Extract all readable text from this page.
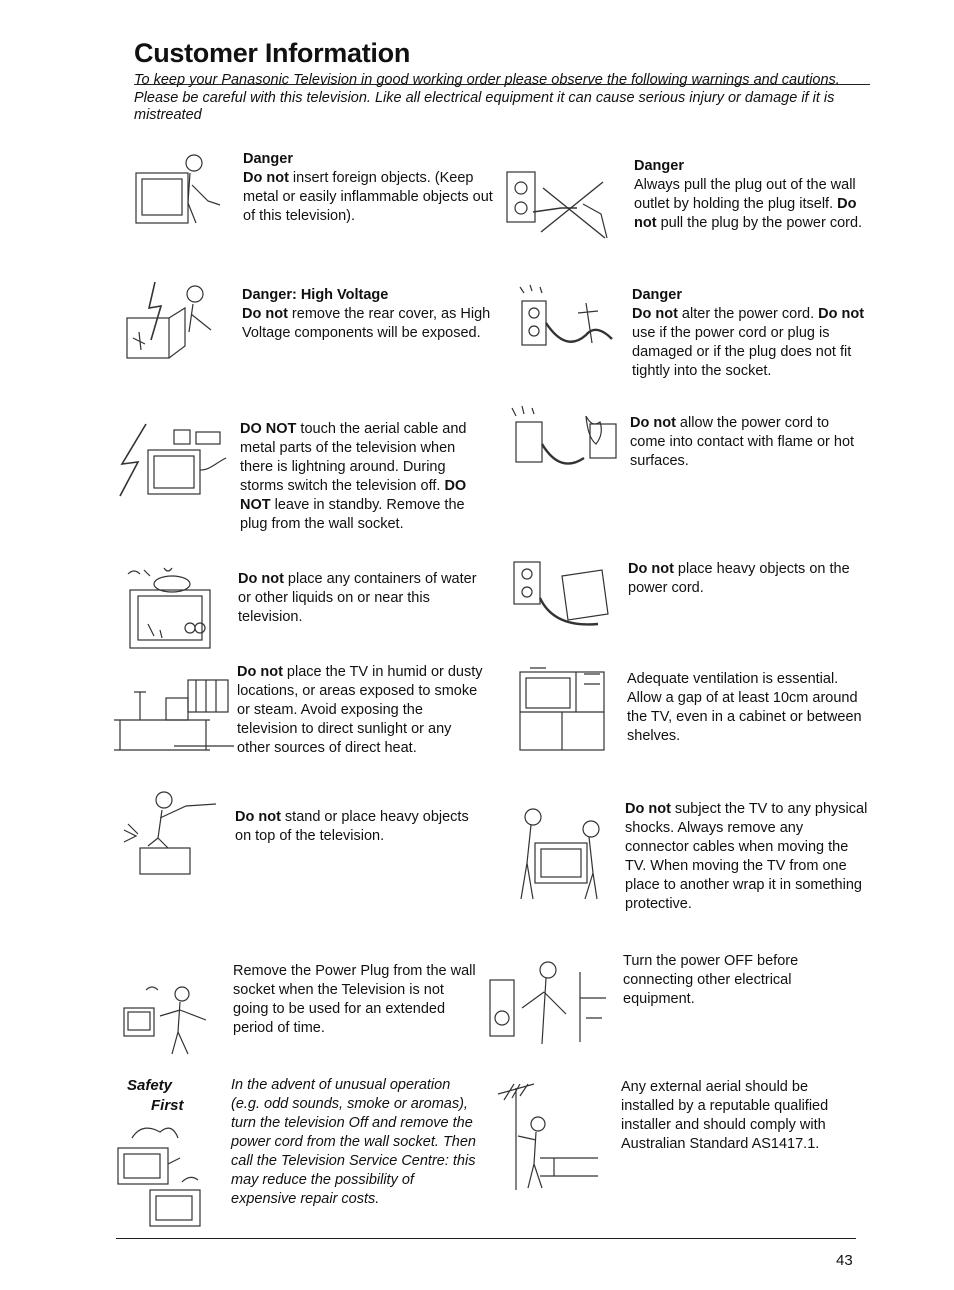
Customer Information
To keep your Panasonic Television in good working order please observe the following warnings and cautions. Please be careful with this television. Like all electrical equipment it can cause serious injury or damage if it is mistreated
Danger
Do not insert foreign objects. (Keep metal or easily inflammable objects out of this television).
Danger: High Voltage
Do not remove the rear cover, as High Voltage components will be exposed.
DO NOT touch the aerial cable and metal parts of the television when there is lightning around. During storms switch the television off. DO NOT leave in standby. Remove the plug from the wall socket.
Do not place any containers of water or other liquids on or near this television.
Do not place the TV in humid or dusty locations, or areas exposed to smoke or steam. Avoid exposing the television to direct sunlight or any other sources of direct heat.
Do not stand or place heavy objects on top of the television.
Remove the Power Plug from the wall socket when the Television is not going to be used for an extended period of time.
In the advent of unusual operation (e.g. odd sounds, smoke or aromas), turn the television Off and remove the power cord from the wall socket. Then call the Television Service Centre: this may reduce the possibility of expensive repair costs.
Safety
First
Danger
Always pull the plug out of the wall outlet by holding the plug itself. Do not pull the plug by the power cord.
Danger
Do not alter the power cord. Do not use if the power cord or plug is damaged or if the plug does not fit tightly into the socket.
Do not allow the power cord to come into contact with flame or hot surfaces.
Do not place heavy objects on the power cord.
Adequate ventilation is essential. Allow a gap of at least 10cm around the TV, even in a cabinet or between shelves.
Do not subject the TV to any physical shocks. Always remove any connector cables when moving the TV. When moving the TV from one place to another wrap it in something protective.
Turn the power OFF before connecting other electrical equipment.
Any external aerial should be installed by a reputable qualified installer and should comply with Australian Standard AS1417.1.
43
